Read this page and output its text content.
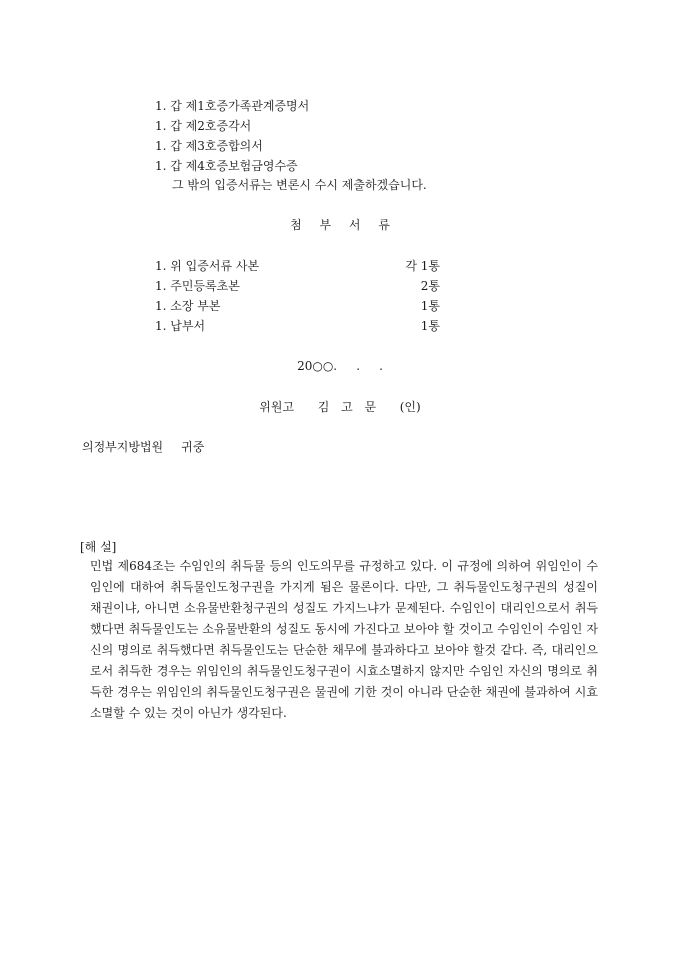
1. 갑 제1호증가족관계증명서
1. 갑 제2호증각서
1. 갑 제3호증합의서
1. 갑 제4호증보험금영수증
그 밖의 입증서류는 변론시 수시 제출하겠습니다.
첨 부 서 류
1. 위 입증서류 사본	각 1통
1. 주민등록초본	2통
1. 소장 부본	1통
1. 납부서	1통
20○○.     .     .
위원고  김 고 문  (인)
의정부지방법원 귀중
[해 설]
민법 제684조는 수임인의 취득물 등의 인도의무를 규정하고 있다. 이 규정에 의하여 위임인이 수임인에 대하여 취득물인도청구권을 가지게 됨은 물론이다. 다만, 그 취득물인도청구권의 성질이 채권이냐, 아니면 소유물반환청구권의 성질도 가지느냐가 문제된다. 수임인이 대리인으로서 취득했다면 취득물인도는 소유물반환의 성질도 동시에 가진다고 보아야 할 것이고 수임인이 수임인 자신의 명의로 취득했다면 취득물인도는 단순한 채무에 불과하다고 보아야 할것 같다. 즉, 대리인으로서 취득한 경우는 위임인의 취득물인도청구권이 시효소멸하지 않지만 수임인 자신의 명의로 취득한 경우는 위임인의 취득물인도청구권은 물권에 기한 것이 아니라 단순한 채권에 불과하여 시효소멸할 수 있는 것이 아닌가 생각된다.
